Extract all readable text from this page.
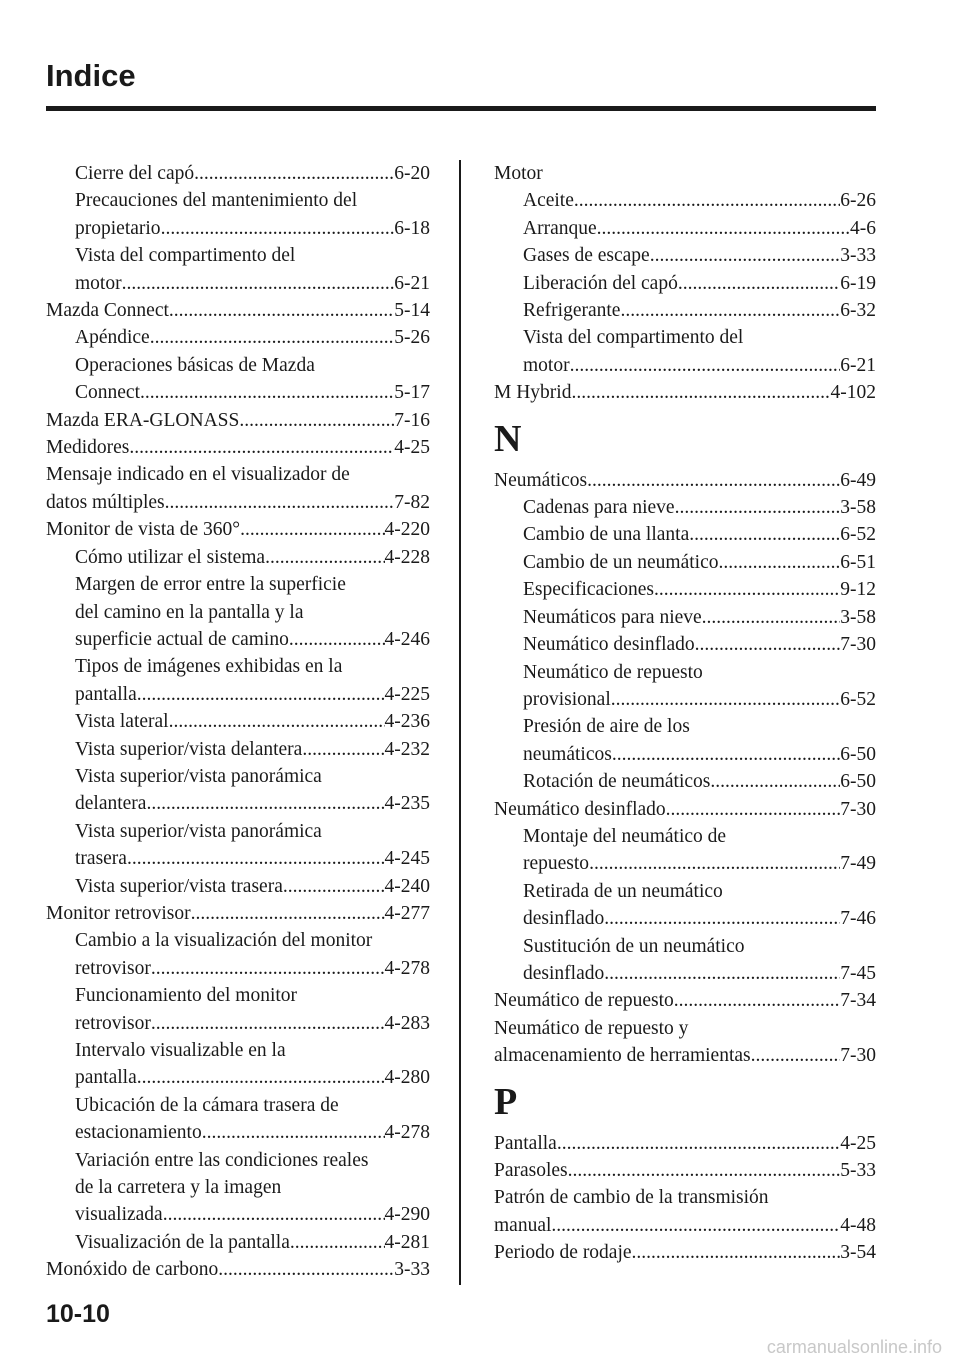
Indice
Cierre del capó .....	6-20
Precauciones del mantenimiento del
propietario .....	6-18
Vista del compartimento del
motor .....	6-21
Mazda Connect .....	5-14
Apéndice .....	5-26
Operaciones básicas de Mazda
Connect .....	5-17
Mazda ERA-GLONASS .....	7-16
Medidores .....	4-25
Mensaje indicado en el visualizador de
datos múltiples .....	7-82
Monitor de vista de 360° .....	4-220
Cómo utilizar el sistema .....	4-228
Margen de error entre la superficie
del camino en la pantalla y la
superficie actual de camino .....	4-246
Tipos de imágenes exhibidas en la
pantalla .....	4-225
Vista lateral .....	4-236
Vista superior/vista delantera .....	4-232
Vista superior/vista panorámica
delantera .....	4-235
Vista superior/vista panorámica
trasera .....	4-245
Vista superior/vista trasera .....	4-240
Monitor retrovisor .....	4-277
Cambio a la visualización del monitor
retrovisor .....	4-278
Funcionamiento del monitor
retrovisor .....	4-283
Intervalo visualizable en la
pantalla .....	4-280
Ubicación de la cámara trasera de
estacionamiento .....	4-278
Variación entre las condiciones reales
de la carretera y la imagen
visualizada .....	4-290
Visualización de la pantalla .....	4-281
Monóxido de carbono .....	3-33
Motor
Aceite .....	6-26
Arranque .....	4-6
Gases de escape .....	3-33
Liberación del capó .....	6-19
Refrigerante .....	6-32
Vista del compartimento del
motor .....	6-21
M Hybrid .....	4-102
N
Neumáticos .....	6-49
Cadenas para nieve .....	3-58
Cambio de una llanta .....	6-52
Cambio de un neumático .....	6-51
Especificaciones .....	9-12
Neumáticos para nieve .....	3-58
Neumático desinflado .....	7-30
Neumático de repuesto
provisional .....	6-52
Presión de aire de los
neumáticos .....	6-50
Rotación de neumáticos .....	6-50
Neumático desinflado .....	7-30
Montaje del neumático de
repuesto .....	7-49
Retirada de un neumático
desinflado .....	7-46
Sustitución de un neumático
desinflado .....	7-45
Neumático de repuesto .....	7-34
Neumático de repuesto y
almacenamiento de herramientas .....	7-30
P
Pantalla .....	4-25
Parasoles .....	5-33
Patrón de cambio de la transmisión
manual .....	4-48
Periodo de rodaje .....	3-54
10-10
carmanualsonline.info
